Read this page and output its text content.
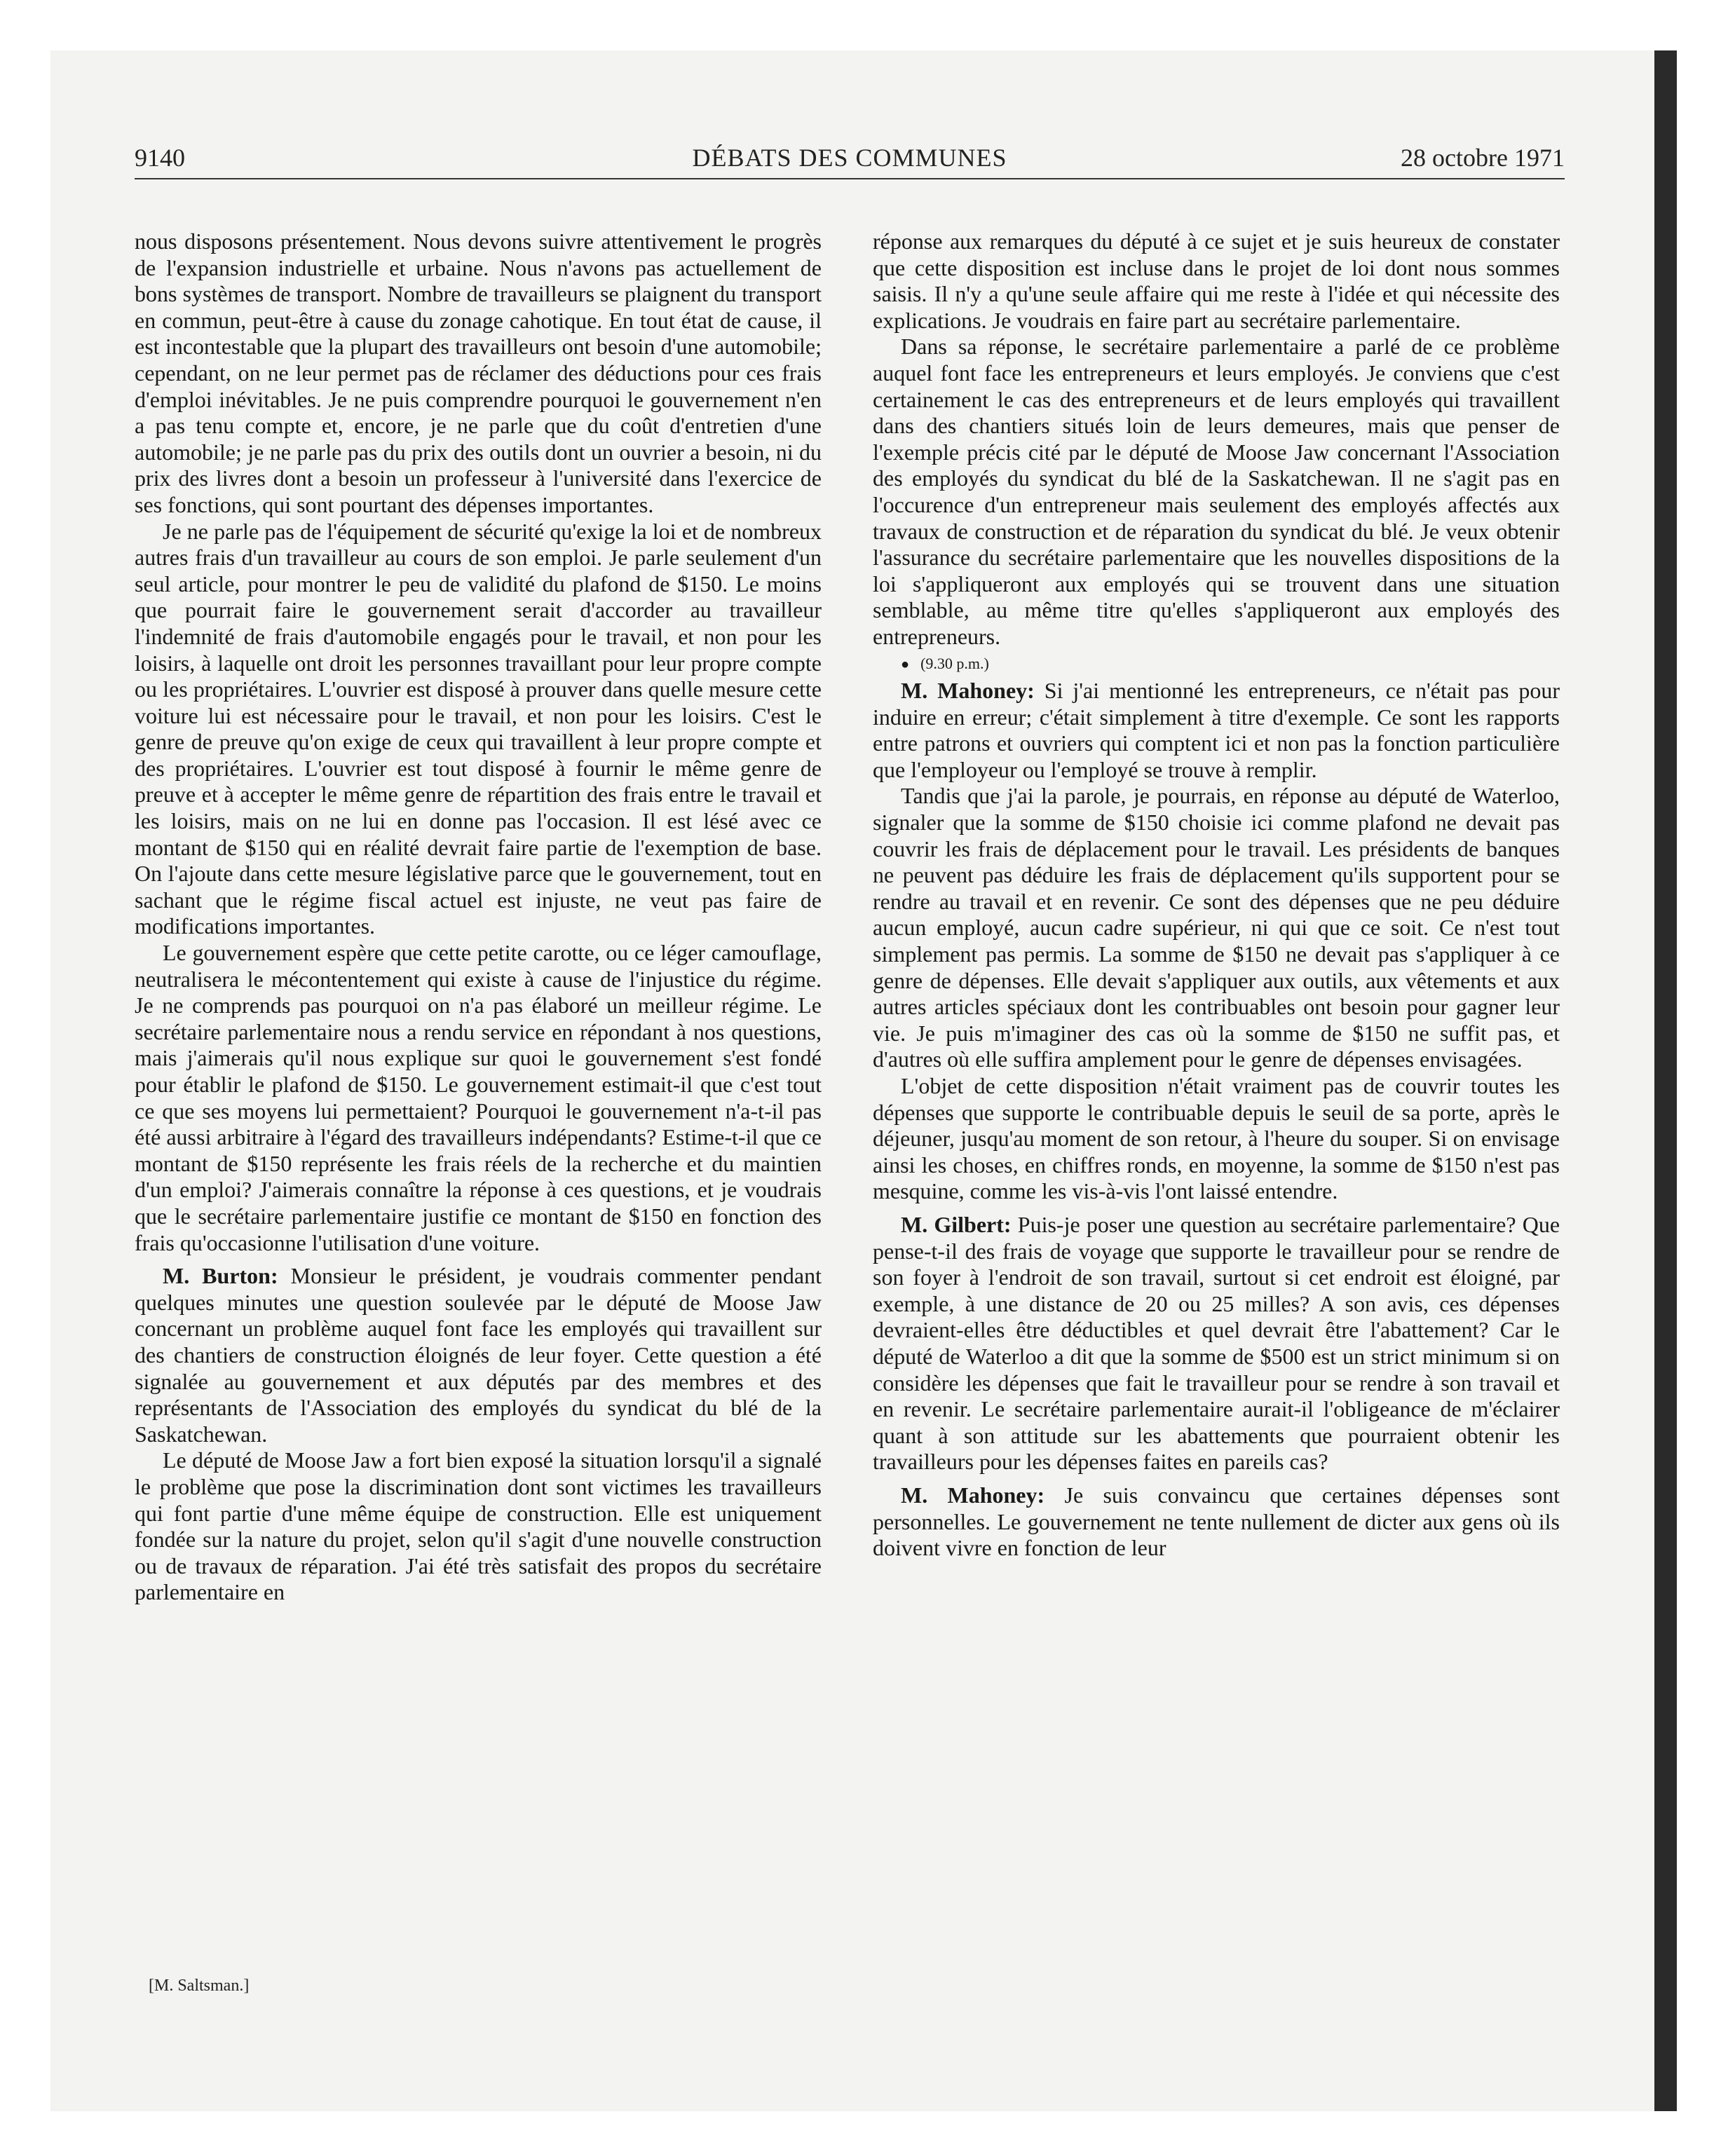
9140	DÉBATS DES COMMUNES	28 octobre 1971

nous disposons présentement. Nous devons suivre attentivement le progrès de l'expansion industrielle et urbaine. Nous n'avons pas actuellement de bons systèmes de transport. Nombre de travailleurs se plaignent du transport en commun, peut-être à cause du zonage cahotique. En tout état de cause, il est incontestable que la plupart des travailleurs ont besoin d'une automobile; cependant, on ne leur permet pas de réclamer des déductions pour ces frais d'emploi inévitables. Je ne puis comprendre pourquoi le gouvernement n'en a pas tenu compte et, encore, je ne parle que du coût d'entretien d'une automobile; je ne parle pas du prix des outils dont un ouvrier a besoin, ni du prix des livres dont a besoin un professeur à l'université dans l'exercice de ses fonctions, qui sont pourtant des dépenses importantes.

Je ne parle pas de l'équipement de sécurité qu'exige la loi et de nombreux autres frais d'un travailleur au cours de son emploi. Je parle seulement d'un seul article, pour montrer le peu de validité du plafond de $150. Le moins que pourrait faire le gouvernement serait d'accorder au travailleur l'indemnité de frais d'automobile engagés pour le travail, et non pour les loisirs, à laquelle ont droit les personnes travaillant pour leur propre compte ou les propriétaires. L'ouvrier est disposé à prouver dans quelle mesure cette voiture lui est nécessaire pour le travail, et non pour les loisirs. C'est le genre de preuve qu'on exige de ceux qui travaillent à leur propre compte et des propriétaires. L'ouvrier est tout disposé à fournir le même genre de preuve et à accepter le même genre de répartition des frais entre le travail et les loisirs, mais on ne lui en donne pas l'occasion. Il est lésé avec ce montant de $150 qui en réalité devrait faire partie de l'exemption de base. On l'ajoute dans cette mesure législative parce que le gouvernement, tout en sachant que le régime fiscal actuel est injuste, ne veut pas faire de modifications importantes.

Le gouvernement espère que cette petite carotte, ou ce léger camouflage, neutralisera le mécontentement qui existe à cause de l'injustice du régime. Je ne comprends pas pourquoi on n'a pas élaboré un meilleur régime. Le secrétaire parlementaire nous a rendu service en répondant à nos questions, mais j'aimerais qu'il nous explique sur quoi le gouvernement s'est fondé pour établir le plafond de $150. Le gouvernement estimait-il que c'est tout ce que ses moyens lui permettaient? Pourquoi le gouvernement n'a-t-il pas été aussi arbitraire à l'égard des travailleurs indépendants? Estime-t-il que ce montant de $150 représente les frais réels de la recherche et du maintien d'un emploi? J'aimerais connaître la réponse à ces questions, et je voudrais que le secrétaire parlementaire justifie ce montant de $150 en fonction des frais qu'occasionne l'utilisation d'une voiture.

M. Burton: Monsieur le président, je voudrais commenter pendant quelques minutes une question soulevée par le député de Moose Jaw concernant un problème auquel font face les employés qui travaillent sur des chantiers de construction éloignés de leur foyer. Cette question a été signalée au gouvernement et aux députés par des membres et des représentants de l'Association des employés du syndicat du blé de la Saskatchewan.

Le député de Moose Jaw a fort bien exposé la situation lorsqu'il a signalé le problème que pose la discrimination dont sont victimes les travailleurs qui font partie d'une même équipe de construction. Elle est uniquement fondée sur la nature du projet, selon qu'il s'agit d'une nouvelle construction ou de travaux de réparation. J'ai été très satisfait des propos du secrétaire parlementaire en

réponse aux remarques du député à ce sujet et je suis heureux de constater que cette disposition est incluse dans le projet de loi dont nous sommes saisis. Il n'y a qu'une seule affaire qui me reste à l'idée et qui nécessite des explications. Je voudrais en faire part au secrétaire parlementaire.

Dans sa réponse, le secrétaire parlementaire a parlé de ce problème auquel font face les entrepreneurs et leurs employés. Je conviens que c'est certainement le cas des entrepreneurs et de leurs employés qui travaillent dans des chantiers situés loin de leurs demeures, mais que penser de l'exemple précis cité par le député de Moose Jaw concernant l'Association des employés du syndicat du blé de la Saskatchewan. Il ne s'agit pas en l'occurence d'un entrepreneur mais seulement des employés affectés aux travaux de construction et de réparation du syndicat du blé. Je veux obtenir l'assurance du secrétaire parlementaire que les nouvelles dispositions de la loi s'appliqueront aux employés qui se trouvent dans une situation semblable, au même titre qu'elles s'appliqueront aux employés des entrepreneurs.

● (9.30 p.m.)

M. Mahoney: Si j'ai mentionné les entrepreneurs, ce n'était pas pour induire en erreur; c'était simplement à titre d'exemple. Ce sont les rapports entre patrons et ouvriers qui comptent ici et non pas la fonction particulière que l'employeur ou l'employé se trouve à remplir.

Tandis que j'ai la parole, je pourrais, en réponse au député de Waterloo, signaler que la somme de $150 choisie ici comme plafond ne devait pas couvrir les frais de déplacement pour le travail. Les présidents de banques ne peuvent pas déduire les frais de déplacement qu'ils supportent pour se rendre au travail et en revenir. Ce sont des dépenses que ne peu déduire aucun employé, aucun cadre supérieur, ni qui que ce soit. Ce n'est tout simplement pas permis. La somme de $150 ne devait pas s'appliquer à ce genre de dépenses. Elle devait s'appliquer aux outils, aux vêtements et aux autres articles spéciaux dont les contribuables ont besoin pour gagner leur vie. Je puis m'imaginer des cas où la somme de $150 ne suffit pas, et d'autres où elle suffira amplement pour le genre de dépenses envisagées.

L'objet de cette disposition n'était vraiment pas de couvrir toutes les dépenses que supporte le contribuable depuis le seuil de sa porte, après le déjeuner, jusqu'au moment de son retour, à l'heure du souper. Si on envisage ainsi les choses, en chiffres ronds, en moyenne, la somme de $150 n'est pas mesquine, comme les vis-à-vis l'ont laissé entendre.

M. Gilbert: Puis-je poser une question au secrétaire parlementaire? Que pense-t-il des frais de voyage que supporte le travailleur pour se rendre de son foyer à l'endroit de son travail, surtout si cet endroit est éloigné, par exemple, à une distance de 20 ou 25 milles? A son avis, ces dépenses devraient-elles être déductibles et quel devrait être l'abattement? Car le député de Waterloo a dit que la somme de $500 est un strict minimum si on considère les dépenses que fait le travailleur pour se rendre à son travail et en revenir. Le secrétaire parlementaire aurait-il l'obligeance de m'éclairer quant à son attitude sur les abattements que pourraient obtenir les travailleurs pour les dépenses faites en pareils cas?

M. Mahoney: Je suis convaincu que certaines dépenses sont personnelles. Le gouvernement ne tente nullement de dicter aux gens où ils doivent vivre en fonction de leur

[M. Saltsman.]
